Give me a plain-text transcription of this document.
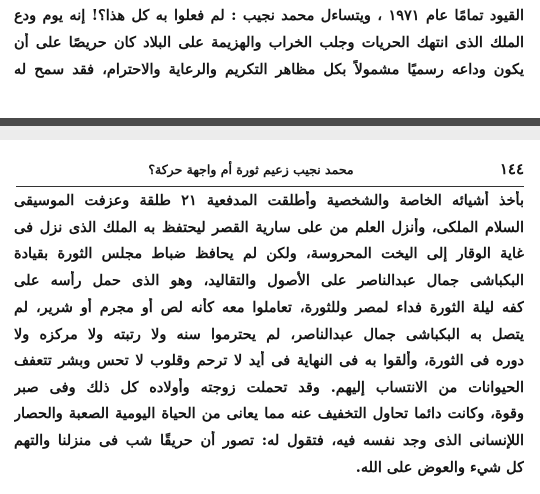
القيود تمامًا عام ١٩٧١ ، ويتساءل محمد نجيب : لم فعلوا به كل هذا؟! إنه يوم ودع
الملك الذى انتهك الحريات وجلب الخراب والهزيمة على البلاد كان حريصًا على أن
يكون وداعه رسميًا مشمولاً بكل مظاهر التكريم والرعاية والاحترام، فقد سمح له
١٤٤
محمد نجيب زعيم ثورة أم واجهة حركة؟
بأخذ أشيائه الخاصة والشخصية وأطلقت المدفعية ٢١ طلقة وعزفت الموسيقى
السلام الملكى، وأنزل العلم من على سارية القصر ليحتفظ به الملك الذى نزل فى
غاية الوقار إلى اليخت المحروسة، ولكن لم يحافظ ضباط مجلس الثورة بقيادة
البكباشى جمال عبدالناصر على الأصول والتقاليد، وهو الذى حمل رأسه على
كفه ليلة الثورة فداء لمصر وللثورة، تعاملوا معه كأنه لص أو مجرم أو شرير، لم
يتصل به البكباشى جمال عبدالناصر، لم يحترموا سنه ولا رتبته ولا مركزه ولا
دوره فى الثورة، وألقوا به فى النهاية فى أيد لا ترحم وقلوب لا تحس وبشر تتعفف
الحيوانات من الانتساب إليهم. وقد تحملت زوجته وأولاده كل ذلك وفى صبر
وقوة، وكانت دائما تحاول التخفيف عنه مما يعانى من الحياة اليومية الصعبة والحصار
اللإنسانى الذى وجد نفسه فيه، فتقول له: تصور أن حريقًا شب فى منزلنا والتهم
كل شيء والعوض على الله.
